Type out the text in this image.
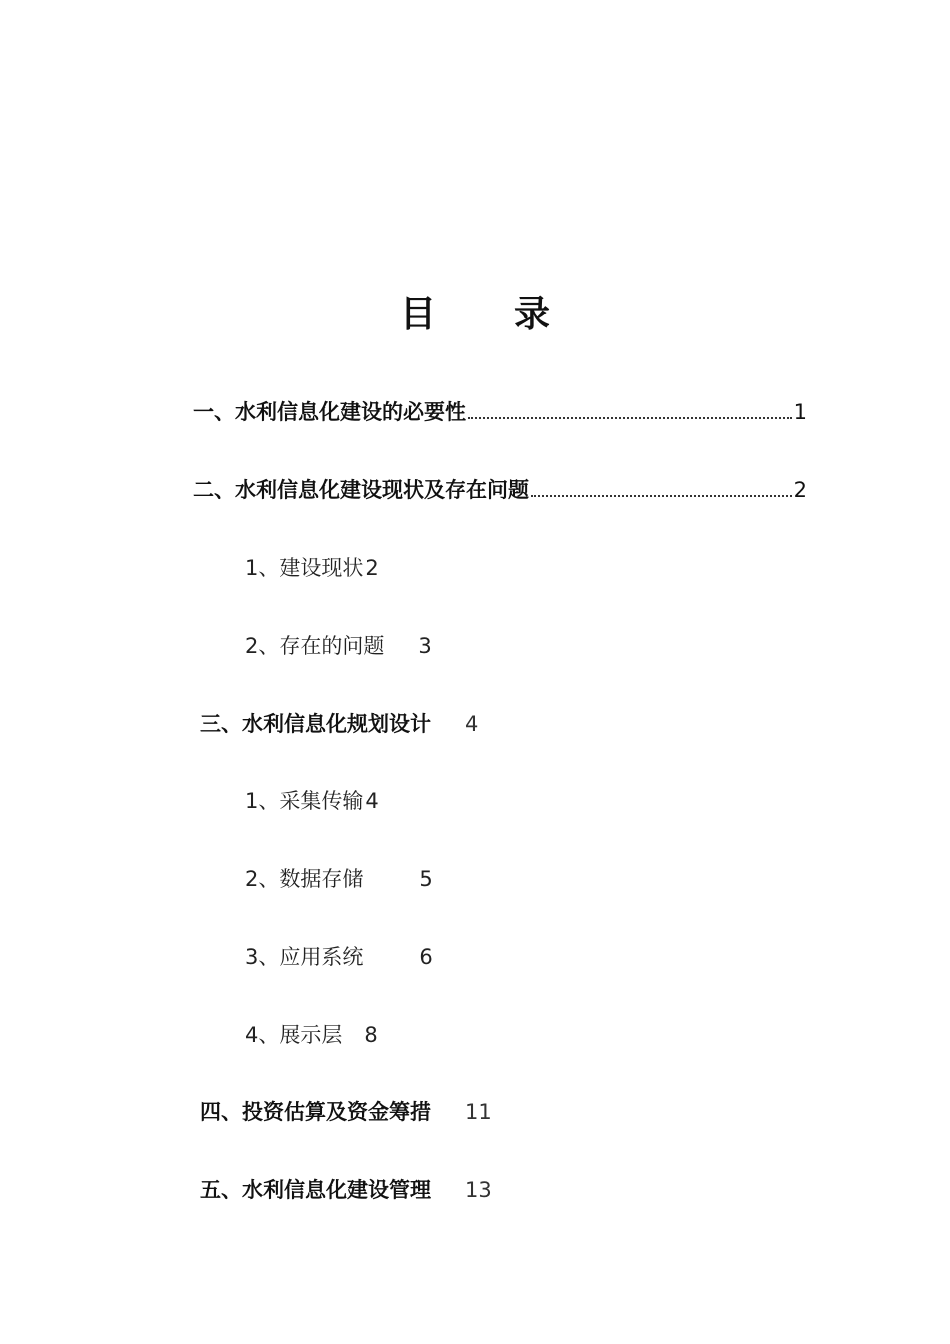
目 录
一、水利信息化建设的必要性	1
二、水利信息化建设现状及存在问题	2
1、建设现状2
2、存在的问题 3
三、水利信息化规划设计 4
1、采集传输4
2、数据存储	5
3、应用系统	6
4、展示层 8
四、投资估算及资金筹措 11
五、水利信息化建设管理 13
